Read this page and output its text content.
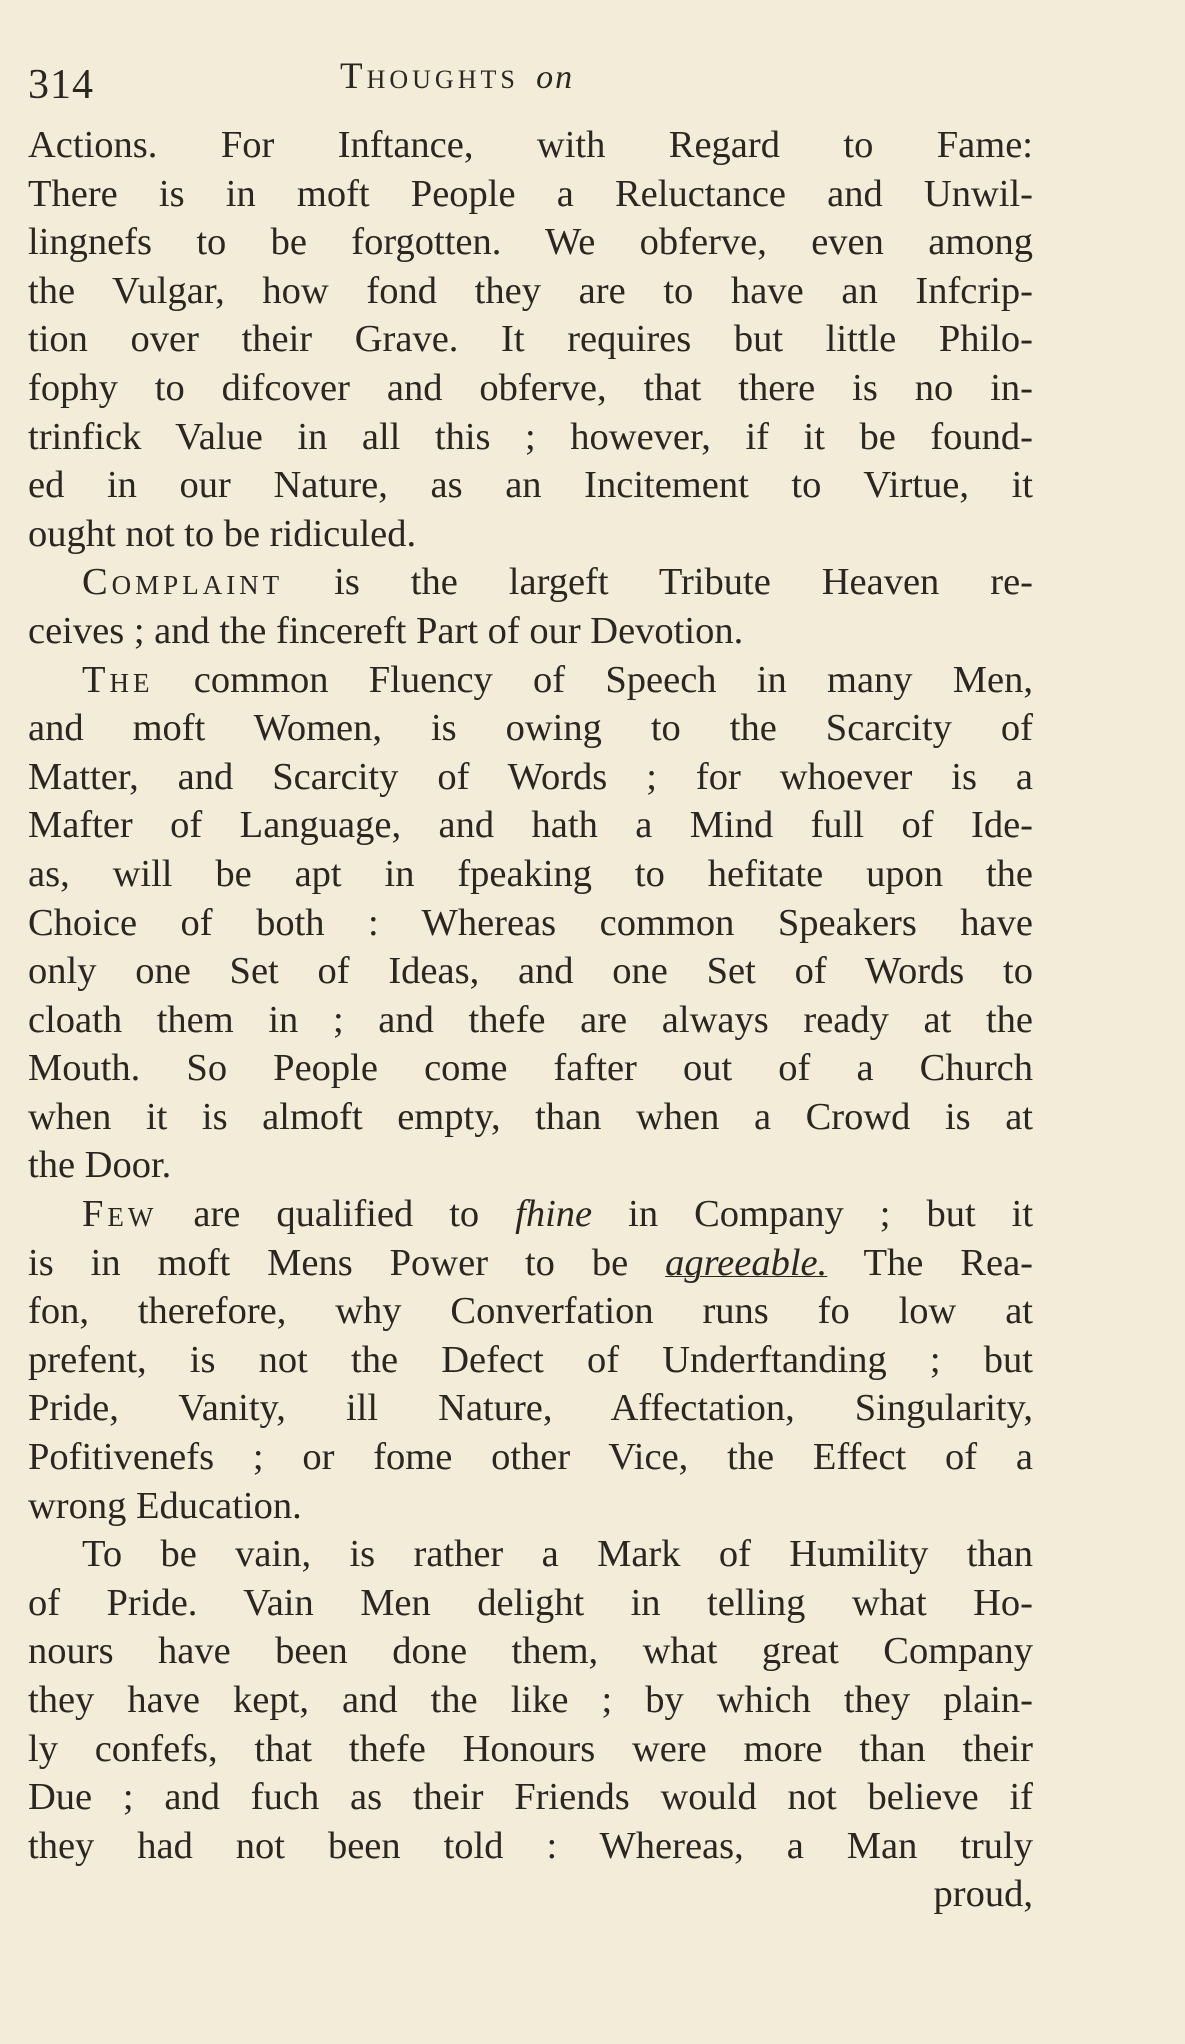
314	Thoughts on
Actions. For Inftance, with Regard to Fame:
There is in moft People a Reluctance and Unwil-
lingnefs to be forgotten. We obferve, even among
the Vulgar, how fond they are to have an Infcrip-
tion over their Grave. It requires but little Philo-
fophy to difcover and obferve, that there is no in-
trinfick Value in all this ; however, if it be found-
ed in our Nature, as an Incitement to Virtue, it
ought not to be ridiculed.
Complaint is the largeft Tribute Heaven re-
ceives ; and the fincereft Part of our Devotion.
The common Fluency of Speech in many Men,
and moft Women, is owing to the Scarcity of
Matter, and Scarcity of Words ; for whoever is a
Mafter of Language, and hath a Mind full of Ide-
as, will be apt in fpeaking to hefitate upon the
Choice of both : Whereas common Speakers have
only one Set of Ideas, and one Set of Words to
cloath them in ; and thefe are always ready at the
Mouth. So People come fafter out of a Church
when it is almoft empty, than when a Crowd is at
the Door.
Few are qualified to fhine in Company ; but it
is in moft Mens Power to be agreeable. The Rea-
fon, therefore, why Converfation runs fo low at
prefent, is not the Defect of Underftanding ; but
Pride, Vanity, ill Nature, Affectation, Singularity,
Pofitivenefs ; or fome other Vice, the Effect of a
wrong Education.
To be vain, is rather a Mark of Humility than
of Pride. Vain Men delight in telling what Ho-
nours have been done them, what great Company
they have kept, and the like ; by which they plain-
ly confefs, that thefe Honours were more than their
Due ; and fuch as their Friends would not believe if
they had not been told : Whereas, a Man truly
proud,
